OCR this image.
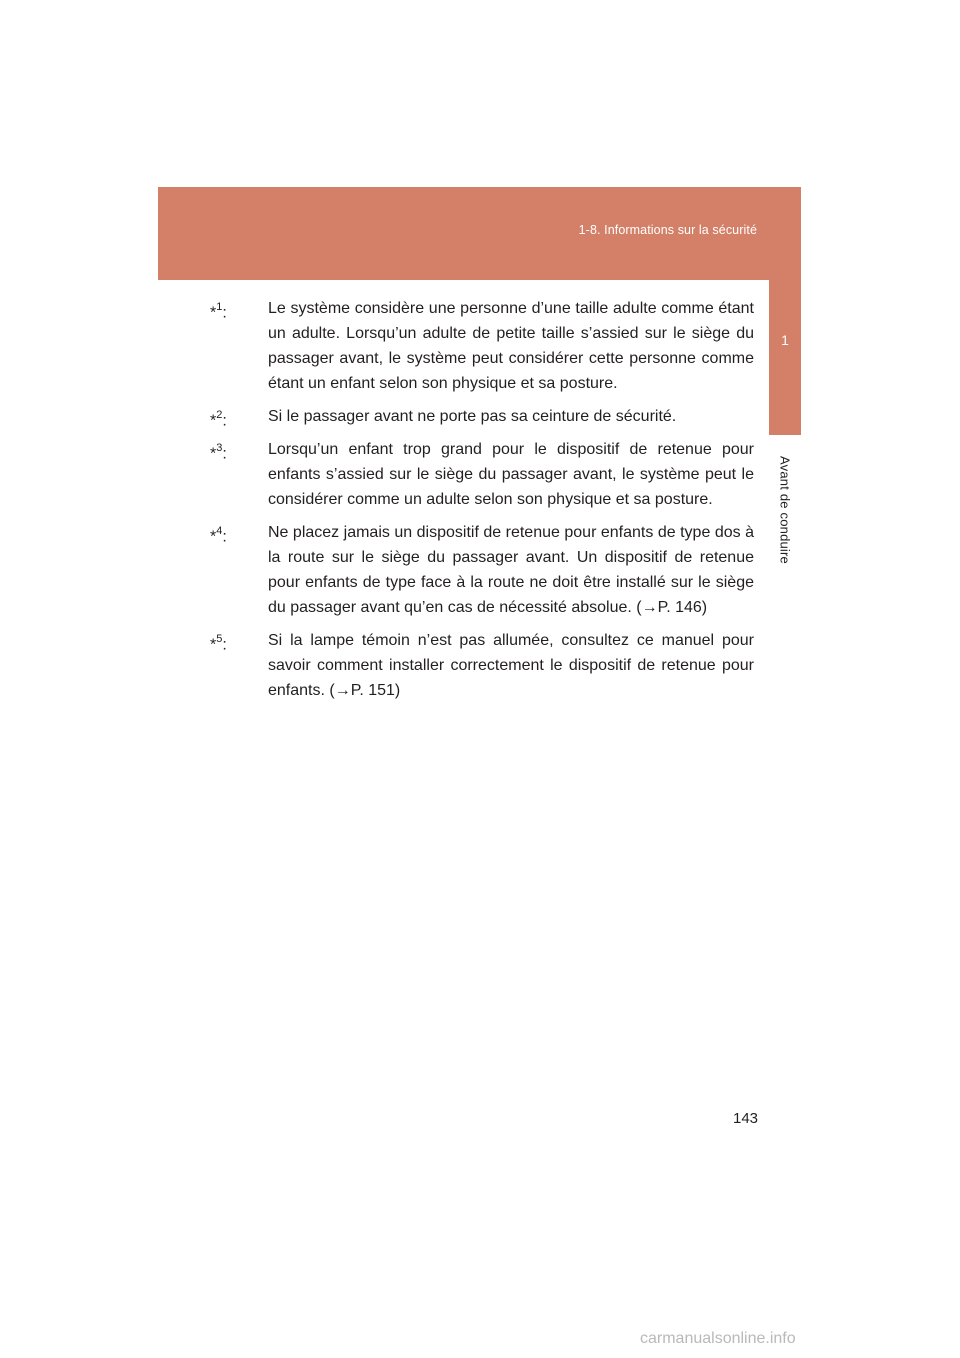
1-8. Informations sur la sécurité
1
Avant de conduire
*$^1$:	Le système considère une personne d’une taille adulte comme étant un adulte. Lorsqu’un adulte de petite taille s’assied sur le siège du passager avant, le système peut considérer cette personne comme étant un enfant selon son physique et sa posture.
*$^2$:	Si le passager avant ne porte pas sa ceinture de sécurité.
*$^3$:	Lorsqu’un enfant trop grand pour le dispositif de retenue pour enfants s’assied sur le siège du passager avant, le système peut le considérer comme un adulte selon son physique et sa posture.
*$^4$:	Ne placez jamais un dispositif de retenue pour enfants de type dos à la route sur le siège du passager avant. Un dispositif de retenue pour enfants de type face à la route ne doit être installé sur le siège du passager avant qu’en cas de nécessité absolue. (→P. 146)
*$^5$:	Si la lampe témoin n’est pas allumée, consultez ce manuel pour savoir comment installer correctement le dispositif de retenue pour enfants. (→P. 151)
143
carmanualsonline.info
